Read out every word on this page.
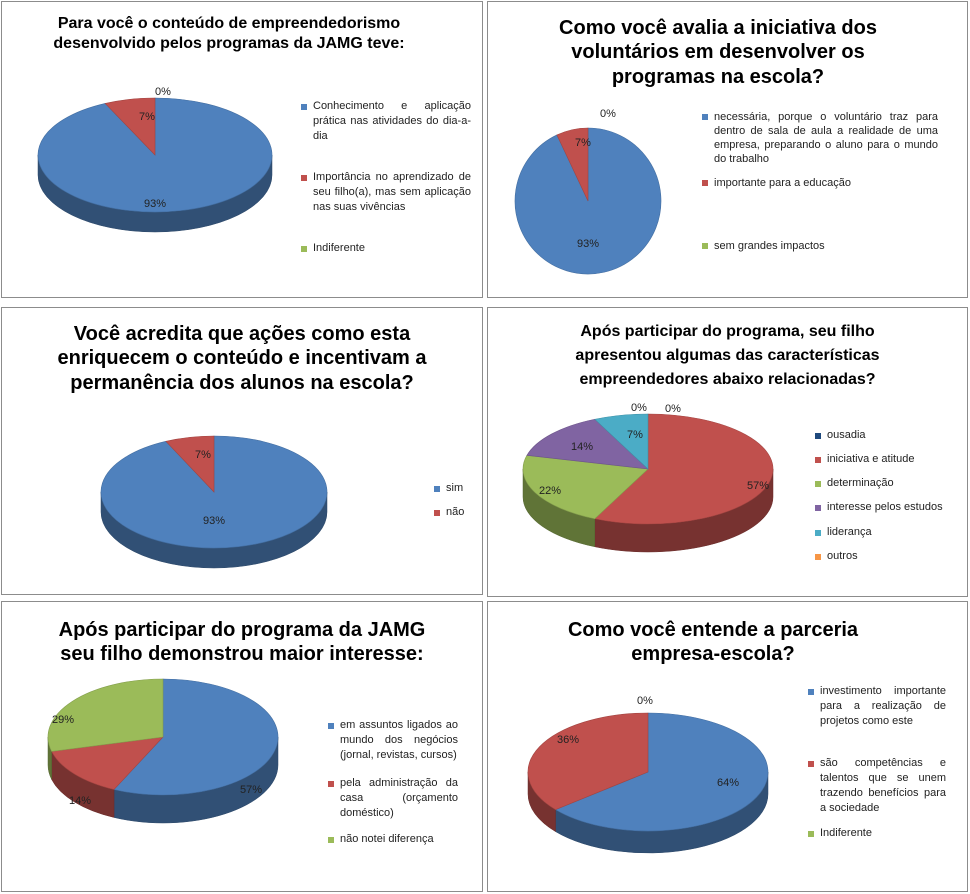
Para você o conteúdo de empreendedorismo desenvolvido pelos programas da JAMG teve:
93%
7%
0%
Conhecimento e aplicação prática nas atividades do dia-a-dia
Importância no aprendizado de seu filho(a), mas sem aplicação nas suas vivências
Indiferente
Como você avalia a iniciativa dos voluntários em desenvolver os programas na escola?
93%
7%
0%	necessária, porque o voluntário traz para dentro de sala de aula a realidade de uma empresa, preparando o aluno para o mundo do trabalho
importante para a educação
sem grandes impactos
Você acredita que ações como esta enriquecem o conteúdo e incentivam a permanência dos alunos na escola?
93%
7%
sim
não
Após participar do programa, seu filho apresentou algumas das características empreendedores abaixo relacionadas?
0%
57%
22%
14%
7%
0%
ousadia
iniciativa e atitude
determinação
interesse pelos estudos
liderança
outros
Após participar do programa da JAMG seu filho demonstrou maior interesse:
57%
14%
29%	em assuntos ligados ao mundo dos negócios (jornal, revistas, cursos)
pela administração da casa (orçamento doméstico)
não notei diferença
Como você entende a parceria empresa-escola?
64%
36%
0%
investimento importante para a realização de projetos como este
são competências e talentos que se unem trazendo benefícios para a sociedade
Indiferente
